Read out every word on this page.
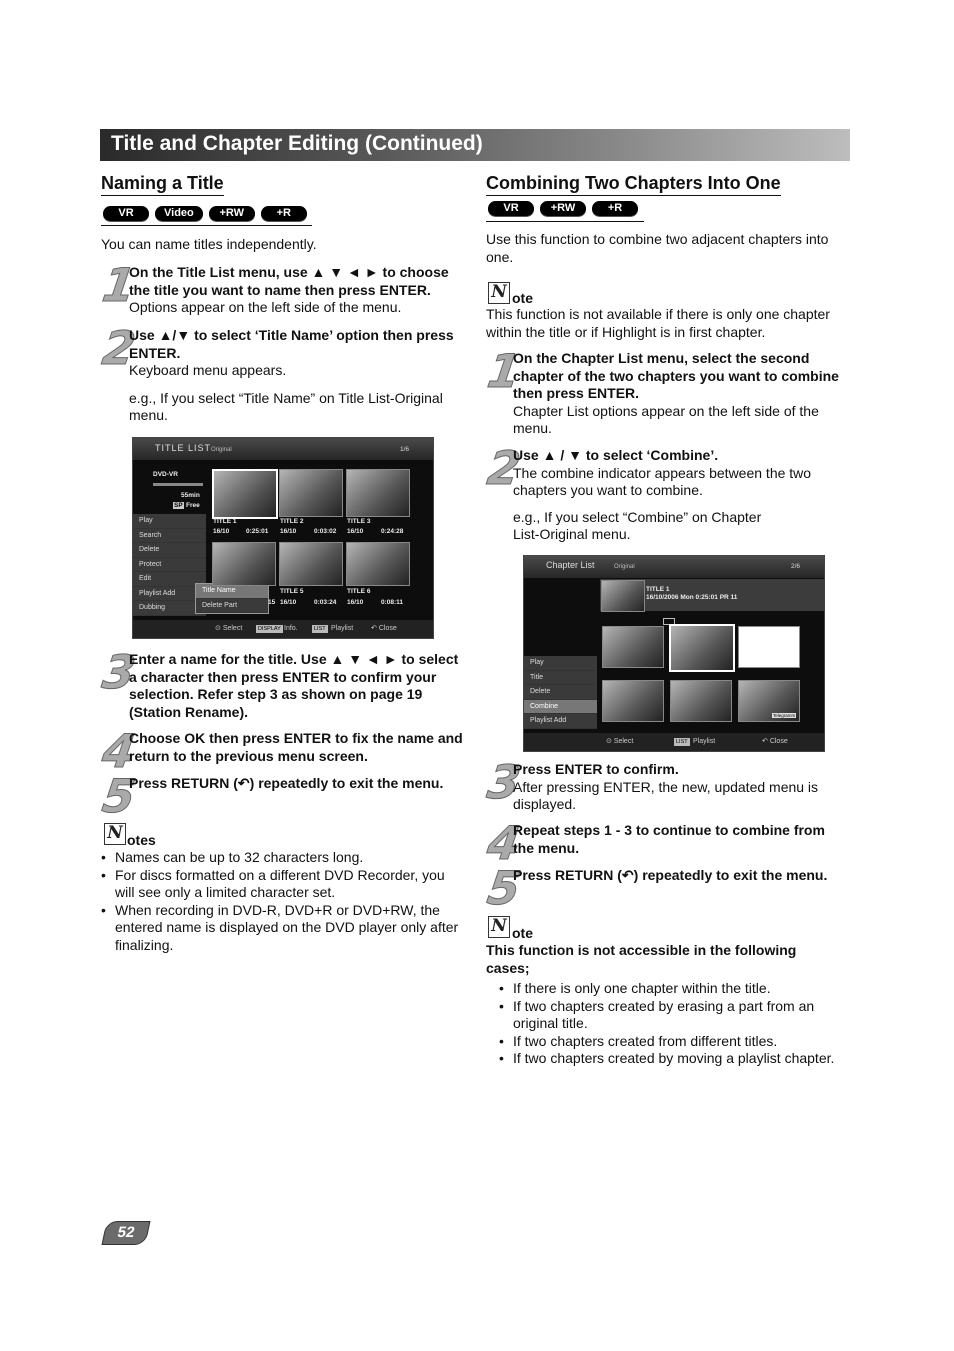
Title and Chapter Editing (Continued)
Naming a Title
VR	Video	+RW	+R
You can name titles independently.
1
On the Title List menu, use ▲ ▼ ◄ ► to choose the title you want to name then press ENTER.
Options appear on the left side of the menu.
2
Use ▲/▼ to select ‘Title Name’ option then press ENTER.
Keyboard menu appears.
e.g., If you select “Title Name” on Title List-Original menu.
TITLE LIST Original	1/6
DVD-VR
55min
SP Free
Play
Search
Delete
Protect
Edit
Playlist Add
Dubbing
Title Name
Delete Part
TITLE 1
16/10	0:25:01
TITLE 2
16/10	0:03:02
TITLE 3
16/10	0:24:28
15
TITLE 5
16/10	0:03:24
TITLE 6
16/10	0:08:11
⊙ Select	DISPLAY Info.	LIST Playlist	↶ Close
3
Enter a name for the title. Use ▲ ▼ ◄ ► to select a character then press ENTER to confirm your selection. Refer step 3 as shown on page 19 (Station Rename).
4
Choose OK then press ENTER to fix the name and return to the previous menu screen.
5
Press RETURN (↶) repeatedly to exit the menu.
N otes
• Names can be up to 32 characters long.
• For discs formatted on a different DVD Recorder, you will see only a limited character set.
• When recording in DVD-R, DVD+R or DVD+RW, the entered name is displayed on the DVD player only after finalizing.
Combining Two Chapters Into One
VR	+RW	+R
Use this function to combine two adjacent chapters into one.
N ote
This function is not available if there is only one chapter within the title or if Highlight is in first chapter.
1
On the Chapter List menu, select the second chapter of the two chapters you want to combine then press ENTER.
Chapter List options appear on the left side of the menu.
2
Use ▲ / ▼ to select ‘Combine’.
The combine indicator appears between the two chapters you want to combine.
e.g., If you select “Combine” on Chapter List-Original menu.
Chapter List	Original	2/6
TITLE 1
16/10/2006 Mon 0:25:01 PR 11
Play
Title
Delete
Combine
Playlist Add
Telegramm
⊙ Select	LIST Playlist	↶ Close
3
Press ENTER to confirm.
After pressing ENTER, the new, updated menu is displayed.
4
Repeat steps 1 - 3 to continue to combine from the menu.
5
Press RETURN (↶) repeatedly to exit the menu.
N ote
This function is not accessible in the following cases;
• If there is only one chapter within the title.
• If two chapters created by erasing a part from an original title.
• If two chapters created from different titles.
• If two chapters created by moving a playlist chapter.
52
